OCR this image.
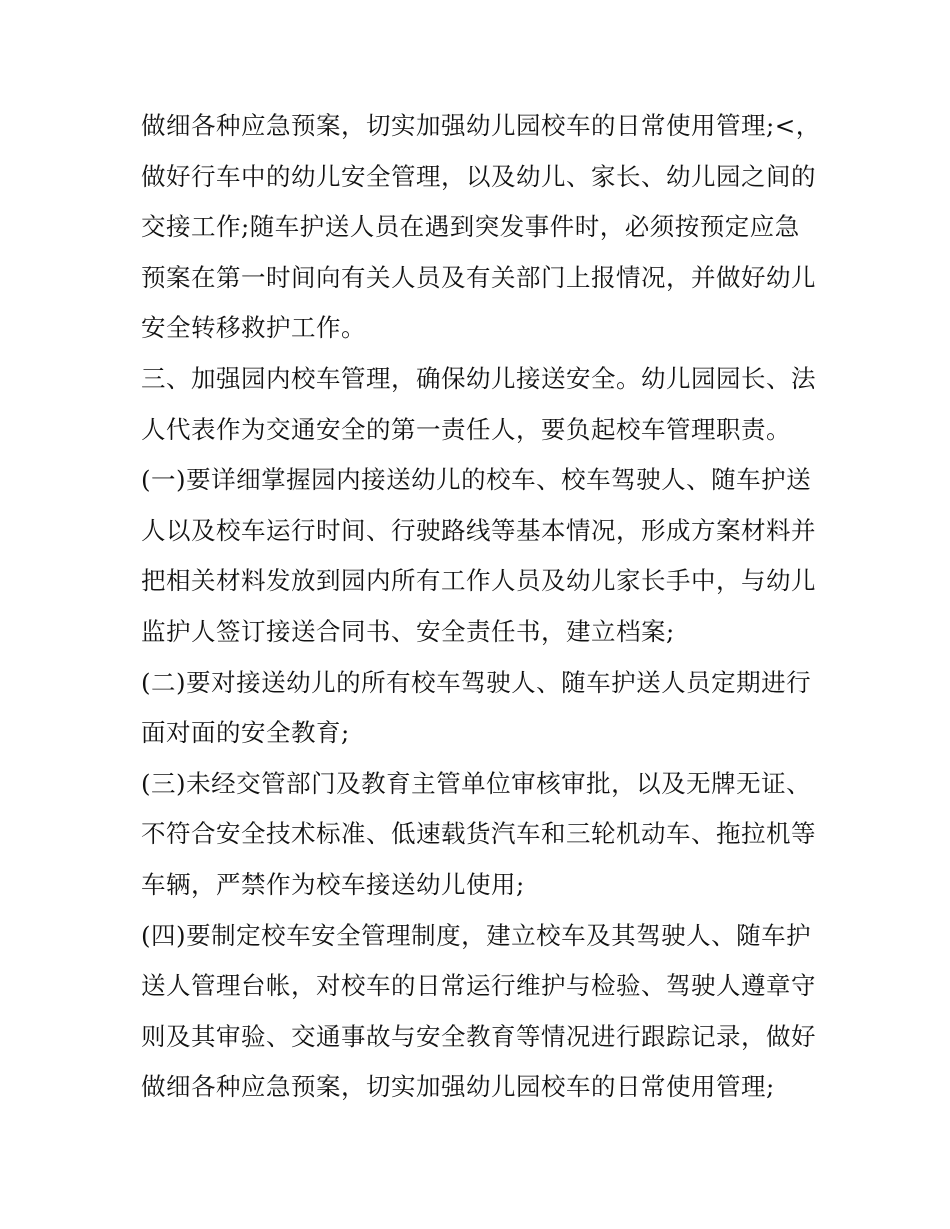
做细各种应急预案，切实加强幼儿园校车的日常使用管理;<，
做好行车中的幼儿安全管理，以及幼儿、家长、幼儿园之间的
交接工作;随车护送人员在遇到突发事件时，必须按预定应急
预案在第一时间向有关人员及有关部门上报情况，并做好幼儿
安全转移救护工作。
三、加强园内校车管理，确保幼儿接送安全。幼儿园园长、法
人代表作为交通安全的第一责任人，要负起校车管理职责。
(一)要详细掌握园内接送幼儿的校车、校车驾驶人、随车护送
人以及校车运行时间、行驶路线等基本情况，形成方案材料并
把相关材料发放到园内所有工作人员及幼儿家长手中，与幼儿
监护人签订接送合同书、安全责任书，建立档案;
(二)要对接送幼儿的所有校车驾驶人、随车护送人员定期进行
面对面的安全教育;
(三)未经交管部门及教育主管单位审核审批，以及无牌无证、
不符合安全技术标准、低速载货汽车和三轮机动车、拖拉机等
车辆，严禁作为校车接送幼儿使用;
(四)要制定校车安全管理制度，建立校车及其驾驶人、随车护
送人管理台帐，对校车的日常运行维护与检验、驾驶人遵章守
则及其审验、交通事故与安全教育等情况进行跟踪记录，做好
做细各种应急预案，切实加强幼儿园校车的日常使用管理;
